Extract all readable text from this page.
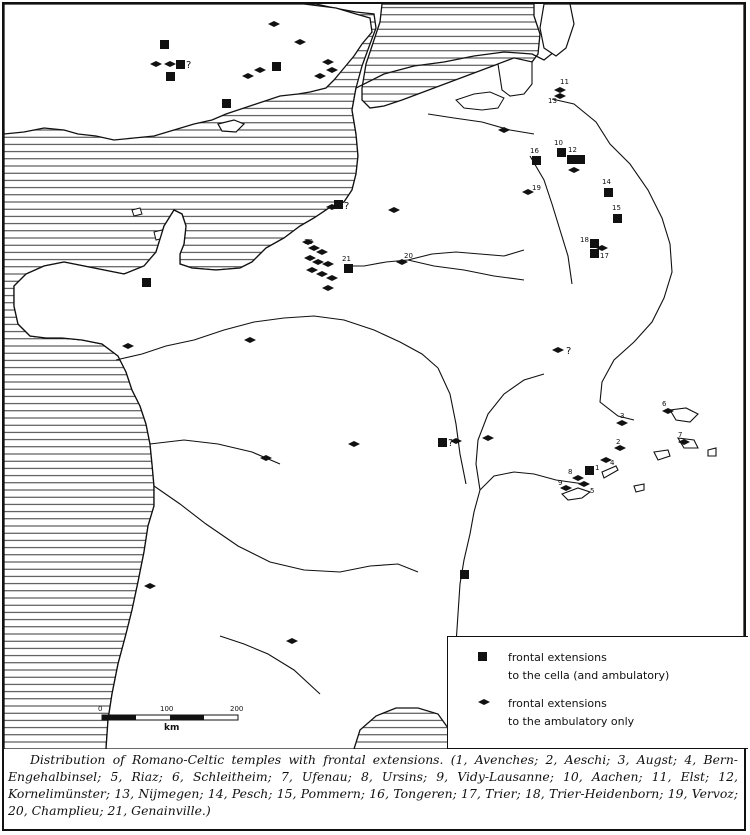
1
2
3
4
5
6
7
8
9
10
11
12
13
14
15
16
17
18
19
20
21
10
?
?
?
?
frontal extensions
to the cella (and ambulatory)
frontal extensions
to the ambulatory only
0	100	200
km
Distribution of Romano-Celtic temples with frontal extensions. (1, Avenches; 2, Aeschi; 3, Augst; 4, Bern-Engehalbinsel; 5, Riaz; 6, Schleitheim; 7, Ufenau; 8, Ursins; 9, Vidy-Lausanne; 10, Aachen; 11, Elst; 12, Kornelimünster; 13, Nijmegen; 14, Pesch; 15, Pommern; 16, Tongeren; 17, Trier; 18, Trier-Heidenborn; 19, Vervoz; 20, Champlieu; 21, Genainville.)
